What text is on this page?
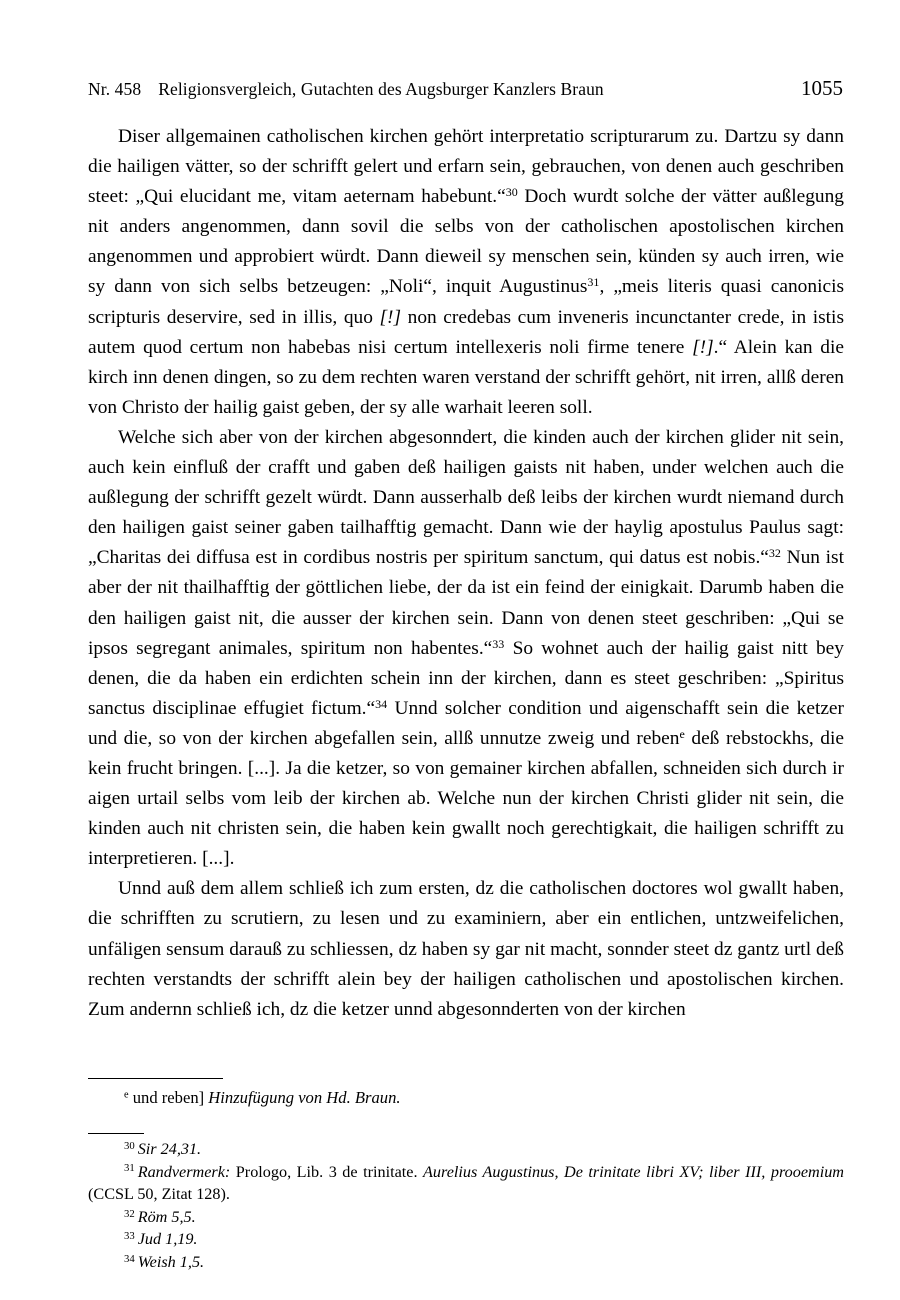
Nr. 458 Religionsvergleich, Gutachten des Augsburger Kanzlers Braun	1055

Diser allgemainen catholischen kirchen gehört interpretatio scripturarum zu. Dartzu sy dann die hailigen vätter, so der schrifft gelert und erfarn sein, gebrauchen, von denen auch geschriben steet: „Qui elucidant me, vitam aeternam habebunt.“$^{30}$ Doch wurdt solche der vätter außlegung nit anders angenommen, dann sovil die selbs von der catholischen apostolischen kirchen angenommen und approbiert würdt. Dann dieweil sy menschen sein, künden sy auch irren, wie sy dann von sich selbs betzeugen: „Noli“, inquit Augustinus$^{31}$, „meis literis quasi canonicis scripturis deservire, sed in illis, quo [!] non credebas cum inveneris incunctanter crede, in istis autem quod certum non habebas nisi certum intellexeris noli firme tenere [!].“ Alein kan die kirch inn denen dingen, so zu dem rechten waren verstand der schrifft gehört, nit irren, allß deren von Christo der hailig gaist geben, der sy alle warhait leeren soll.

Welche sich aber von der kirchen abgesonndert, die kinden auch der kirchen glider nit sein, auch kein einfluß der crafft und gaben deß hailigen gaists nit haben, under welchen auch die außlegung der schrifft gezelt würdt. Dann ausserhalb deß leibs der kirchen wurdt niemand durch den hailigen gaist seiner gaben tailhafftig gemacht. Dann wie der haylig apostulus Paulus sagt: „Charitas dei diffusa est in cordibus nostris per spiritum sanctum, qui datus est nobis.“$^{32}$ Nun ist aber der nit thailhafftig der göttlichen liebe, der da ist ein feind der einigkait. Darumb haben die den hailigen gaist nit, die ausser der kirchen sein. Dann von denen steet geschriben: „Qui se ipsos segregant animales, spiritum non habentes.“$^{33}$ So wohnet auch der hailig gaist nitt bey denen, die da haben ein erdichten schein inn der kirchen, dann es steet geschriben: „Spiritus sanctus disciplinae effugiet fictum.“$^{34}$ Unnd solcher condition und aigenschafft sein die ketzer und die, so von der kirchen abgefallen sein, allß unnutze zweig und reben$^e$ deß rebstockhs, die kein frucht bringen. [...]. Ja die ketzer, so von gemainer kirchen abfallen, schneiden sich durch ir aigen urtail selbs vom leib der kirchen ab. Welche nun der kirchen Christi glider nit sein, die kinden auch nit christen sein, die haben kein gwallt noch gerechtigkait, die hailigen schrifft zu interpretieren. [...].

Unnd auß dem allem schließ ich zum ersten, dz die catholischen doctores wol gwallt haben, die schrifften zu scrutiern, zu lesen und zu examiniern, aber ein entlichen, untzweifelichen, unfäligen sensum darauß zu schliessen, dz haben sy gar nit macht, sonnder steet dz gantz urtl deß rechten verstandts der schrifft alein bey der hailigen catholischen und apostolischen kirchen. Zum andernn schließ ich, dz die ketzer unnd abgesonnderten von der kirchen

$^e$ und reben] Hinzufügung von Hd. Braun.

$^{30}$ Sir 24,31.

$^{31}$ Randvermerk: Prologo, Lib. 3 de trinitate. Aurelius Augustinus, De trinitate libri XV; liber III, prooemium (CCSL 50, Zitat 128).

$^{32}$ Röm 5,5.

$^{33}$ Jud 1,19.

$^{34}$ Weish 1,5.
